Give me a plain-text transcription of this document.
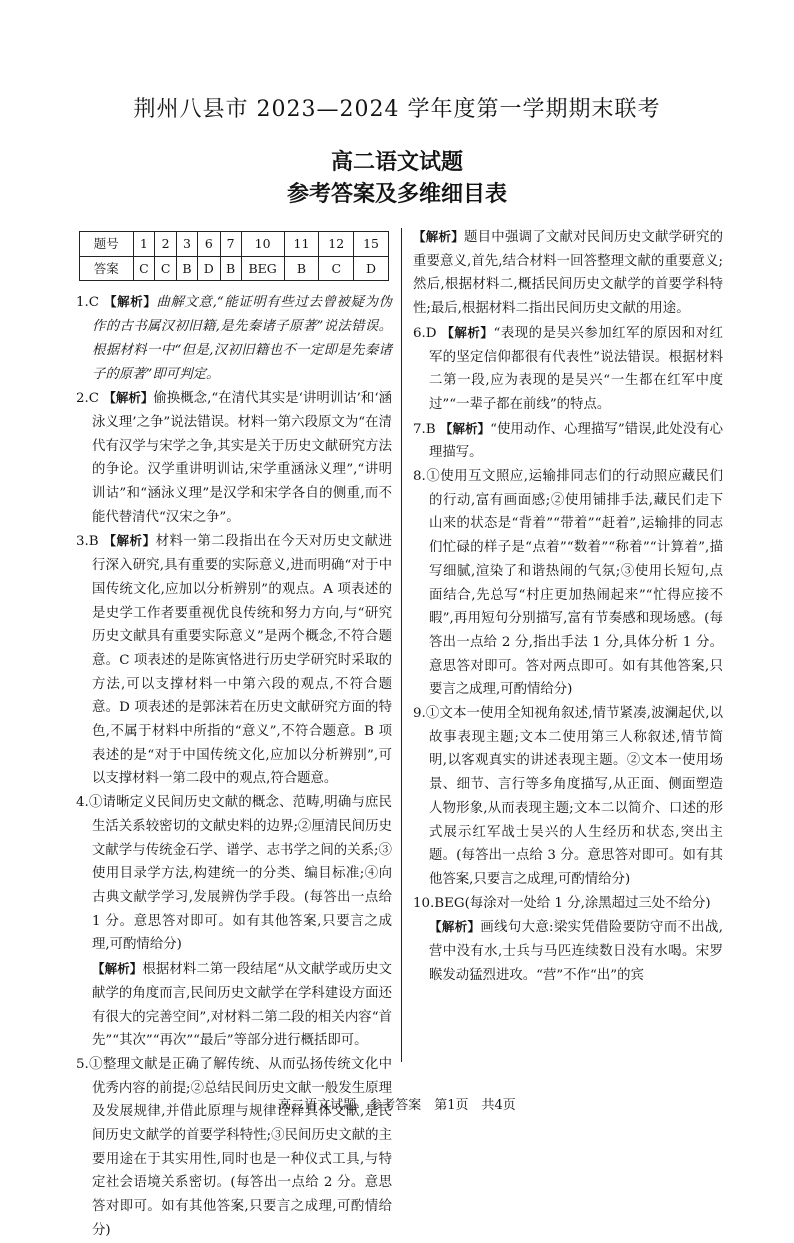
荆州八县市 2023—2024 学年度第一学期期末联考
高二语文试题
参考答案及多维细目表
题号	1	2	3	6	7	10	11	12	15
答案	C	C	B	D	B	BEG	B	C	D
1.C 【解析】曲解文意,“能证明有些过去曾被疑为伪作的古书属汉初旧籍,是先秦诸子原著”说法错误。根据材料一中“但是,汉初旧籍也不一定即是先秦诸子的原著”即可判定。
2.C 【解析】偷换概念,“在清代其实是‘讲明训诂’和‘涵泳义理’之争”说法错误。材料一第六段原文为“在清代有汉学与宋学之争,其实是关于历史文献研究方法的争论。汉学重讲明训诂,宋学重涵泳义理”,“讲明训诂”和“涵泳义理”是汉学和宋学各自的侧重,而不能代替清代“汉宋之争”。
3.B 【解析】材料一第二段指出在今天对历史文献进行深入研究,具有重要的实际意义,进而明确“对于中国传统文化,应加以分析辨别”的观点。A 项表述的是史学工作者要重视优良传统和努力方向,与“研究历史文献具有重要实际意义”是两个概念,不符合题意。C 项表述的是陈寅恪进行历史学研究时采取的方法,可以支撑材料一中第六段的观点,不符合题意。D 项表述的是郭沫若在历史文献研究方面的特色,不属于材料中所指的“意义”,不符合题意。B 项表述的是“对于中国传统文化,应加以分析辨别”,可以支撑材料一第二段中的观点,符合题意。
4.①请晰定义民间历史文献的概念、范畴,明确与庶民生活关系较密切的文献史料的边界;②厘清民间历史文献学与传统金石学、谱学、志书学之间的关系;③使用目录学方法,构建统一的分类、编目标准;④向古典文献学学习,发展辨伪学手段。(每答出一点给 1 分。意思答对即可。如有其他答案,只要言之成理,可酌情给分)
【解析】根据材料二第一段结尾“从文献学或历史文献学的角度而言,民间历史文献学在学科建设方面还有很大的完善空间”,对材料二第二段的相关内容“首先”“其次”“再次”“最后”等部分进行概括即可。
5.①整理文献是正确了解传统、从而弘扬传统文化中优秀内容的前提;②总结民间历史文献一般发生原理及发展规律,并借此原理与规律诠释具体文献,是民间历史文献学的首要学科特性;③民间历史文献的主要用途在于其实用性,同时也是一种仪式工具,与特定社会语境关系密切。(每答出一点给 2 分。意思答对即可。如有其他答案,只要言之成理,可酌情给分)
【解析】题目中强调了文献对民间历史文献学研究的重要意义,首先,结合材料一回答整理文献的重要意义;然后,根据材料二,概括民间历史文献学的首要学科特性;最后,根据材料二指出民间历史文献的用途。
6.D 【解析】“表现的是吴兴参加红军的原因和对红军的坚定信仰都很有代表性”说法错误。根据材料二第一段,应为表现的是吴兴“一生都在红军中度过”“一辈子都在前线”的特点。
7.B 【解析】“使用动作、心理描写”错误,此处没有心理描写。
8.①使用互文照应,运输排同志们的行动照应藏民们的行动,富有画面感;②使用铺排手法,藏民们走下山来的状态是“背着”“带着”“赶着”,运输排的同志们忙碌的样子是“点着”“数着”“称着”“计算着”,描写细腻,渲染了和谐热闹的气氛;③使用长短句,点面结合,先总写“村庄更加热闹起来”“忙得应接不暇”,再用短句分别描写,富有节奏感和现场感。(每答出一点给 2 分,指出手法 1 分,具体分析 1 分。意思答对即可。答对两点即可。如有其他答案,只要言之成理,可酌情给分)
9.①文本一使用全知视角叙述,情节紧凑,波澜起伏,以故事表现主题;文本二使用第三人称叙述,情节简明,以客观真实的讲述表现主题。②文本一使用场景、细节、言行等多角度描写,从正面、侧面塑造人物形象,从而表现主题;文本二以简介、口述的形式展示红军战士吴兴的人生经历和状态,突出主题。(每答出一点给 3 分。意思答对即可。如有其他答案,只要言之成理,可酌情给分)
10.BEG(每涂对一处给 1 分,涂黑超过三处不给分)
【解析】画线句大意:梁实凭借险要防守而不出战,营中没有水,士兵与马匹连续数日没有水喝。宋罗睺发动猛烈进攻。“营”不作“出”的宾
高二语文试题　参考答案　第1页　共4页
